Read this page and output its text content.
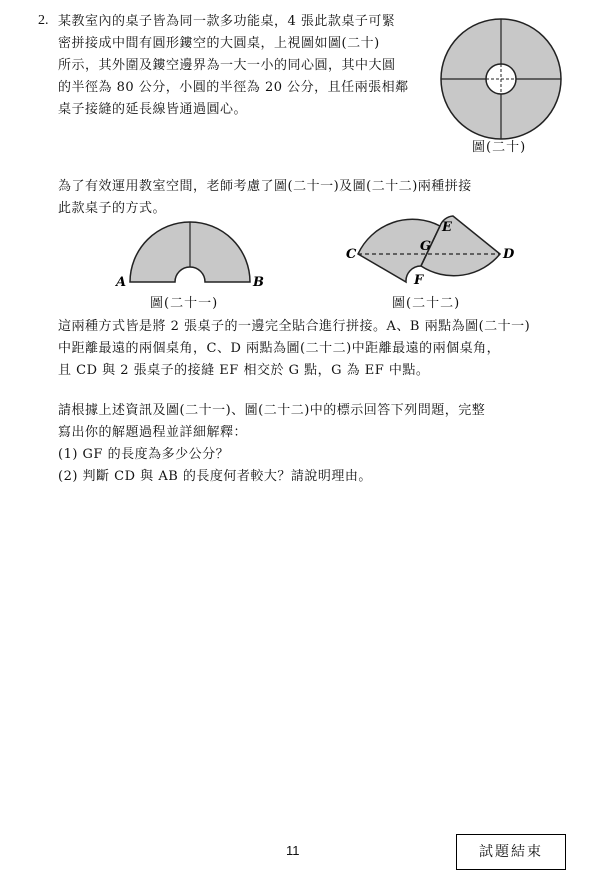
2. 某教室內的桌子皆為同一款多功能桌，4 張此款桌子可緊
密拼接成中間有圓形鏤空的大圓桌，上視圖如圖(二十)
所示，其外圍及鏤空邊界為一大一小的同心圓，其中大圓
的半徑為 80 公分，小圓的半徑為 20 公分，且任兩張相鄰
桌子接縫的延長線皆通過圓心。
圖(二十)
為了有效運用教室空間，老師考慮了圖(二十一)及圖(二十二)兩種拼接
此款桌子的方式。
A	B
圖(二十一)
C	D
E
F
G
圖(二十二)
這兩種方式皆是將 2 張桌子的一邊完全貼合進行拼接。A、B 兩點為圖(二十一)
中距離最遠的兩個桌角，C、D 兩點為圖(二十二)中距離最遠的兩個桌角，
且 CD 與 2 張桌子的接縫 EF 相交於 G 點，G 為 EF 中點。
請根據上述資訊及圖(二十一)、圖(二十二)中的標示回答下列問題，完整
寫出你的解題過程並詳細解釋：
(1) GF 的長度為多少公分？
(2) 判斷 CD 與 AB 的長度何者較大？請說明理由。
11	試題結束
